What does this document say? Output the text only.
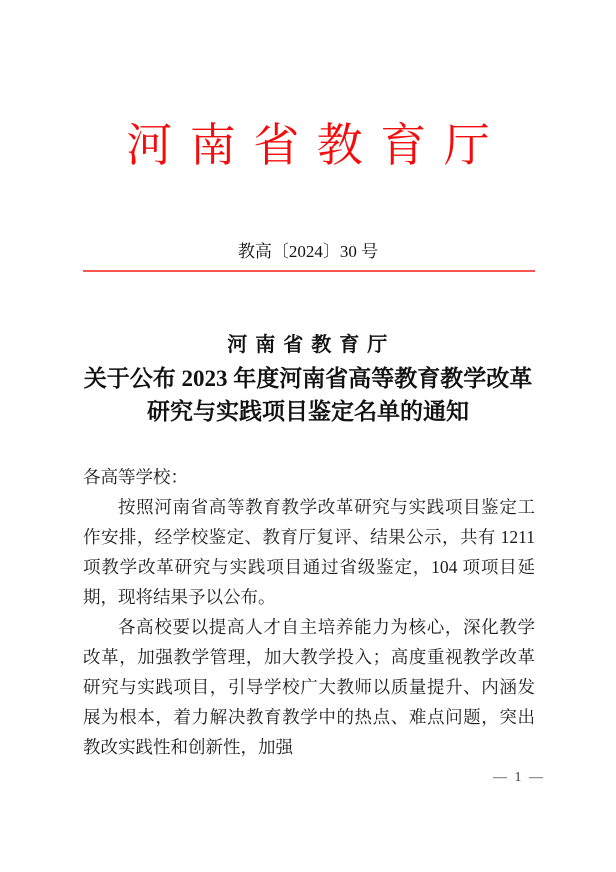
河 南 省 教 育 厅
教高〔2024〕30 号
河 南 省 教 育 厅
关于公布 2023 年度河南省高等教育教学改革
研究与实践项目鉴定名单的通知

各高等学校：

按照河南省高等教育教学改革研究与实践项目鉴定工作安排，经学校鉴定、教育厅复评、结果公示，共有 1211 项教学改革研究与实践项目通过省级鉴定，104 项项目延期，现将结果予以公布。

各高校要以提高人才自主培养能力为核心，深化教学改革，加强教学管理，加大教学投入；高度重视教学改革研究与实践项目，引导学校广大教师以质量提升、内涵发展为根本，着力解决教育教学中的热点、难点问题，突出教改实践性和创新性，加强

— 1 —
